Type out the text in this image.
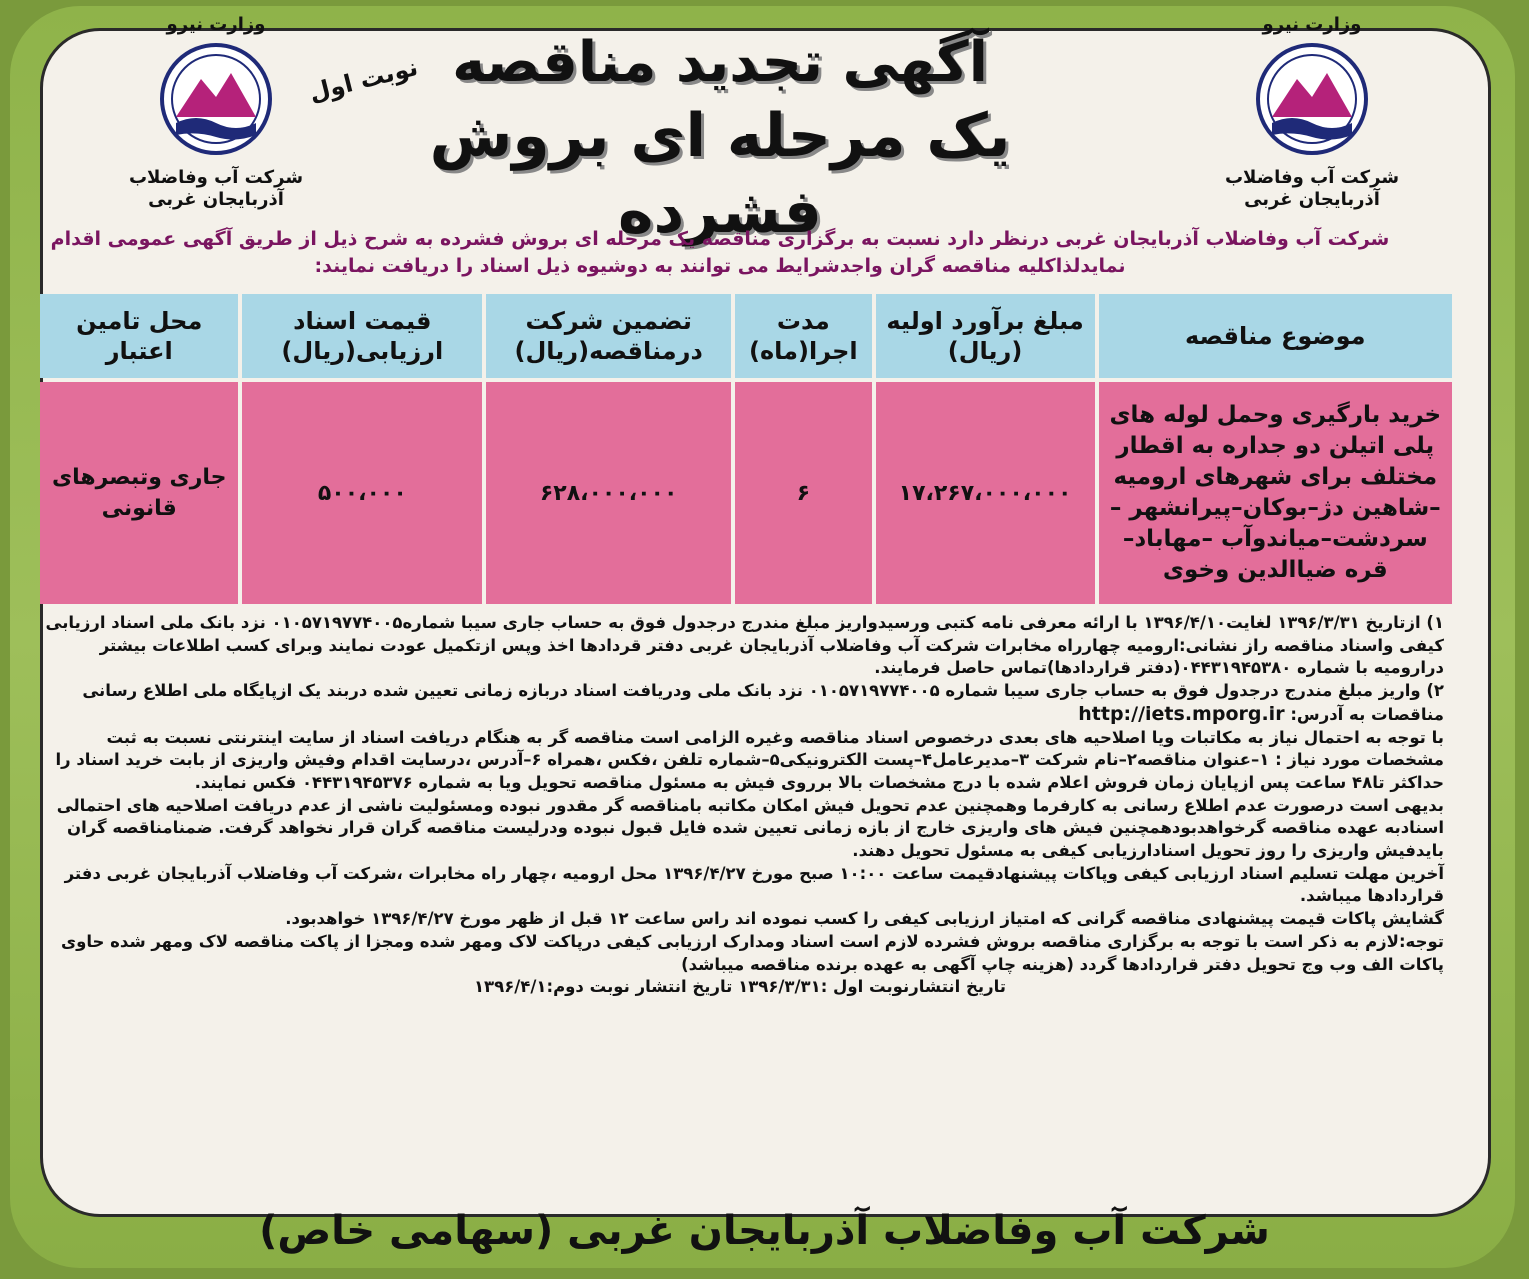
وزارت نیرو
شرکت آب وفاضلاب
آذربایجان غربی
وزارت نیرو
شرکت آب وفاضلاب
آذربایجان غربی
نوبت اول آگهی تجدید مناقصه
یک مرحله ای بروش فشرده
شرکت آب وفاضلاب آذربایجان غربی درنظر دارد نسبت به برگزاری مناقصه یک مرحله ای بروش فشرده به شرح ذیل از طریق آگهی عمومی اقدام
نمایدلذاکلیه مناقصه گران واجدشرایط می توانند به دوشیوه ذیل اسناد را دریافت نمایند:
موضوع مناقصه	مبلغ برآورد اولیه (ریال)	مدت اجرا(ماه)	تضمین شرکت درمناقصه(ریال)	قیمت اسناد ارزیابی(ریال)	محل تامین اعتبار
خرید بارگیری وحمل لوله های پلی اتیلن دو جداره به اقطار مختلف برای شهرهای ارومیه –شاهین دژ–بوکان–پیرانشهر – سردشت–میاندوآب –مهاباد– قره ضیاالدین وخوی	۱۷،۲۶۷،۰۰۰،۰۰۰	۶	۶۲۸،۰۰۰،۰۰۰	۵۰۰،۰۰۰	جاری وتبصرهای قانونی

۱) ازتاریخ ۱۳۹۶/۳/۳۱ لغایت۱۳۹۶/۴/۱۰ با ارائه معرفی نامه کتبی ورسیدواریز مبلغ مندرج درجدول فوق به حساب جاری سیبا شماره۰۱۰۵۷۱۹۷۷۴۰۰۵ نزد بانک ملی اسناد ارزیابی کیفی واسناد مناقصه راز نشانی:ارومیه چهارراه مخابرات شرکت آب وفاضلاب آذربایجان غربی دفتر قردادها اخذ وپس ازتکمیل عودت نمایند وبرای کسب اطلاعات بیشتر درارومیه با شماره ۰۴۴۳۱۹۴۵۳۸۰(دفتر قراردادها)تماس حاصل فرمایند.

۲) واریز مبلغ مندرج درجدول فوق به حساب جاری سیبا شماره ۰۱۰۵۷۱۹۷۷۴۰۰۵ نزد بانک ملی ودریافت اسناد دربازه زمانی تعیین شده دربند یک ازپایگاه ملی اطلاع رسانی مناقصات به آدرس: http://iets.mporg.ir

با توجه به احتمال نیاز به مکاتبات ویا اصلاحیه های بعدی درخصوص اسناد مناقصه وغیره الزامی است مناقصه گر به هنگام دریافت اسناد از سایت اینترنتی نسبت به ثبت مشخصات مورد نیاز : ۱–عنوان مناقصه۲–نام شرکت ۳–مدیرعامل۴–پست الکترونیکی۵–شماره تلفن ،فکس ،همراه ۶–آدرس ،درسایت اقدام وفیش واریزی از بابت خرید اسناد را حداکثر تا۴۸ ساعت پس ازپایان زمان فروش اعلام شده با درج مشخصات بالا برروی فیش به مسئول مناقصه تحویل ویا به شماره ۰۴۴۳۱۹۴۵۳۷۶ فکس نمایند.

بدیهی است درصورت عدم اطلاع رسانی به کارفرما وهمچنین عدم تحویل فیش امکان مکاتبه بامناقصه گر مقدور نبوده ومسئولیت ناشی از عدم دریافت اصلاحیه های احتمالی اسنادبه عهده مناقصه گرخواهدبودهمچنین فیش های واریزی خارج از بازه زمانی تعیین شده فایل قبول نبوده ودرلیست مناقصه گران قرار نخواهد گرفت. ضمنامناقصه گران بایدفیش واریزی را روز تحویل اسنادارزیابی کیفی به مسئول تحویل دهند.

آخرین مهلت تسلیم اسناد ارزیابی کیفی وپاکات پیشنهادقیمت ساعت ۱۰:۰۰ صبح مورخ ۱۳۹۶/۴/۲۷ محل ارومیه ،چهار راه مخابرات ،شرکت آب وفاضلاب آذربایجان غربی دفتر قراردادها میباشد.

گشایش پاکات قیمت پیشنهادی مناقصه گرانی که امتیاز ارزیابی کیفی را کسب نموده اند راس ساعت ۱۲ قبل از ظهر مورخ ۱۳۹۶/۴/۲۷ خواهدبود.

توجه:لازم به ذکر است با توجه به برگزاری مناقصه بروش فشرده لازم است اسناد ومدارک ارزیابی کیفی درپاکت لاک ومهر شده ومجزا از پاکت مناقصه لاک ومهر شده حاوی پاکات الف وب وج تحویل دفتر قراردادها گردد (هزینه چاپ آگهی به عهده برنده مناقصه میباشد)

تاریخ انتشارنوبت اول :۱۳۹۶/۳/۳۱ تاریخ انتشار نوبت دوم:۱۳۹۶/۴/۱

شرکت آب وفاضلاب آذربایجان غربی (سهامی خاص)
